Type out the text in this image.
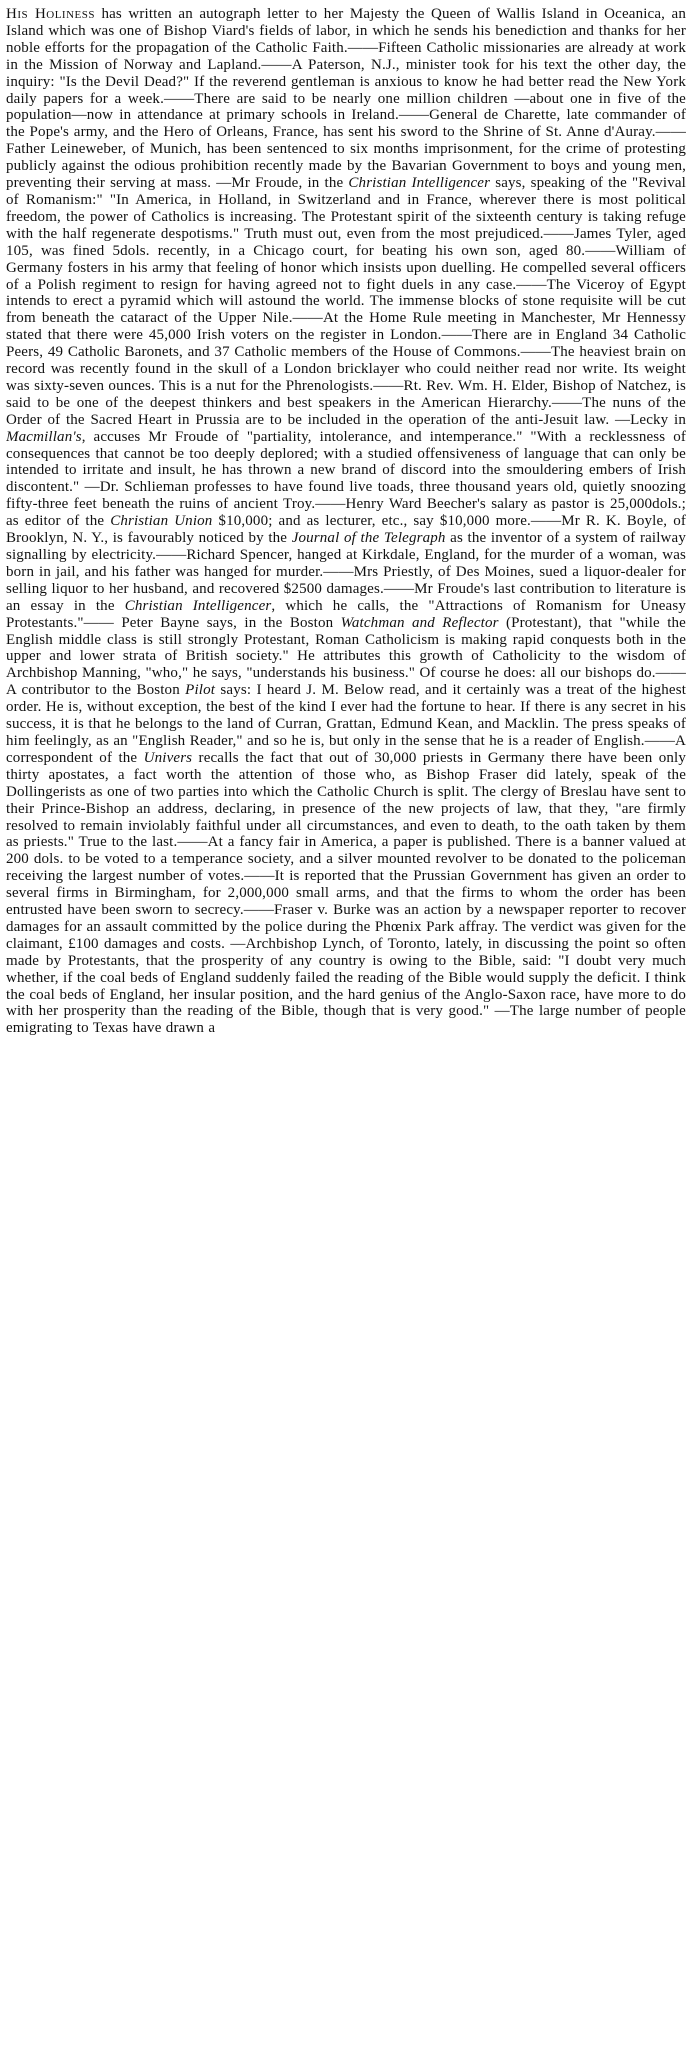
His Holiness has written an autograph letter to her Majesty the Queen of Wallis Island in Oceanica, an Island which was one of Bishop Viard's fields of labor, in which he sends his benediction and thanks for her noble efforts for the propagation of the Catholic Faith.——Fifteen Catholic missionaries are already at work in the Mission of Norway and Lapland.——A Paterson, N.J., minister took for his text the other day, the inquiry: "Is the Devil Dead?" If the reverend gentleman is anxious to know he had better read the New York daily papers for a week.——There are said to be nearly one million children —about one in five of the population—now in attendance at primary schools in Ireland.——General de Charette, late commander of the Pope's army, and the Hero of Orleans, France, has sent his sword to the Shrine of St. Anne d'Auray.——Father Leineweber, of Munich, has been sentenced to six months imprisonment, for the crime of protesting publicly against the odious prohibition recently made by the Bavarian Government to boys and young men, preventing their serving at mass. —Mr Froude, in the Christian Intelligencer says, speaking of the "Revival of Romanism:" "In America, in Holland, in Switzerland and in France, wherever there is most political freedom, the power of Catholics is increasing. The Protestant spirit of the sixteenth century is taking refuge with the half regenerate despotisms." Truth must out, even from the most prejudiced.——James Tyler, aged 105, was fined 5dols. recently, in a Chicago court, for beating his own son, aged 80.——William of Germany fosters in his army that feeling of honor which insists upon duelling. He compelled several officers of a Polish regiment to resign for having agreed not to fight duels in any case.——The Viceroy of Egypt intends to erect a pyramid which will astound the world. The immense blocks of stone requisite will be cut from beneath the cataract of the Upper Nile.——At the Home Rule meeting in Manchester, Mr Hennessy stated that there were 45,000 Irish voters on the register in London.——There are in England 34 Catholic Peers, 49 Catholic Baronets, and 37 Catholic members of the House of Commons.——The heaviest brain on record was recently found in the skull of a London bricklayer who could neither read nor write. Its weight was sixty-seven ounces. This is a nut for the Phrenologists.——Rt. Rev. Wm. H. Elder, Bishop of Natchez, is said to be one of the deepest thinkers and best speakers in the American Hierarchy.——The nuns of the Order of the Sacred Heart in Prussia are to be included in the operation of the anti-Jesuit law. —Lecky in Macmillan's, accuses Mr Froude of "partiality, intolerance, and intemperance." "With a recklessness of consequences that cannot be too deeply deplored; with a studied offensiveness of language that can only be intended to irritate and insult, he has thrown a new brand of discord into the smouldering embers of Irish discontent." —Dr. Schlieman professes to have found live toads, three thousand years old, quietly snoozing fifty-three feet beneath the ruins of ancient Troy.——Henry Ward Beecher's salary as pastor is 25,000dols.; as editor of the Christian Union $10,000; and as lecturer, etc., say $10,000 more.——Mr R. K. Boyle, of Brooklyn, N. Y., is favourably noticed by the Journal of the Telegraph as the inventor of a system of railway signalling by electricity.——Richard Spencer, hanged at Kirkdale, England, for the murder of a woman, was born in jail, and his father was hanged for murder.——Mrs Priestly, of Des Moines, sued a liquor-dealer for selling liquor to her husband, and recovered $2500 damages.——Mr Froude's last contribution to literature is an essay in the Christian Intelligencer, which he calls, the "Attractions of Romanism for Uneasy Protestants."—— Peter Bayne says, in the Boston Watchman and Reflector (Protestant), that "while the English middle class is still strongly Protestant, Roman Catholicism is making rapid conquests both in the upper and lower strata of British society." He attributes this growth of Catholicity to the wisdom of Archbishop Manning, "who," he says, "understands his business." Of course he does: all our bishops do.——A contributor to the Boston Pilot says: I heard J. M. Below read, and it certainly was a treat of the highest order. He is, without exception, the best of the kind I ever had the fortune to hear. If there is any secret in his success, it is that he belongs to the land of Curran, Grattan, Edmund Kean, and Macklin. The press speaks of him feelingly, as an "English Reader," and so he is, but only in the sense that he is a reader of English.——A correspondent of the Univers recalls the fact that out of 30,000 priests in Germany there have been only thirty apostates, a fact worth the attention of those who, as Bishop Fraser did lately, speak of the Dollingerists as one of two parties into which the Catholic Church is split. The clergy of Breslau have sent to their Prince-Bishop an address, declaring, in presence of the new projects of law, that they, "are firmly resolved to remain inviolably faithful under all circumstances, and even to death, to the oath taken by them as priests." True to the last.——At a fancy fair in America, a paper is published. There is a banner valued at 200 dols. to be voted to a temperance society, and a silver mounted revolver to be donated to the policeman receiving the largest number of votes.——It is reported that the Prussian Government has given an order to several firms in Birmingham, for 2,000,000 small arms, and that the firms to whom the order has been entrusted have been sworn to secrecy.——Fraser v. Burke was an action by a newspaper reporter to recover damages for an assault committed by the police during the Phœnix Park affray. The verdict was given for the claimant, £100 damages and costs. —Archbishop Lynch, of Toronto, lately, in discussing the point so often made by Protestants, that the prosperity of any country is owing to the Bible, said: "I doubt very much whether, if the coal beds of England suddenly failed the reading of the Bible would supply the deficit. I think the coal beds of England, her insular position, and the hard genius of the Anglo-Saxon race, have more to do with her prosperity than the reading of the Bible, though that is very good." —The large number of people emigrating to Texas have drawn a
